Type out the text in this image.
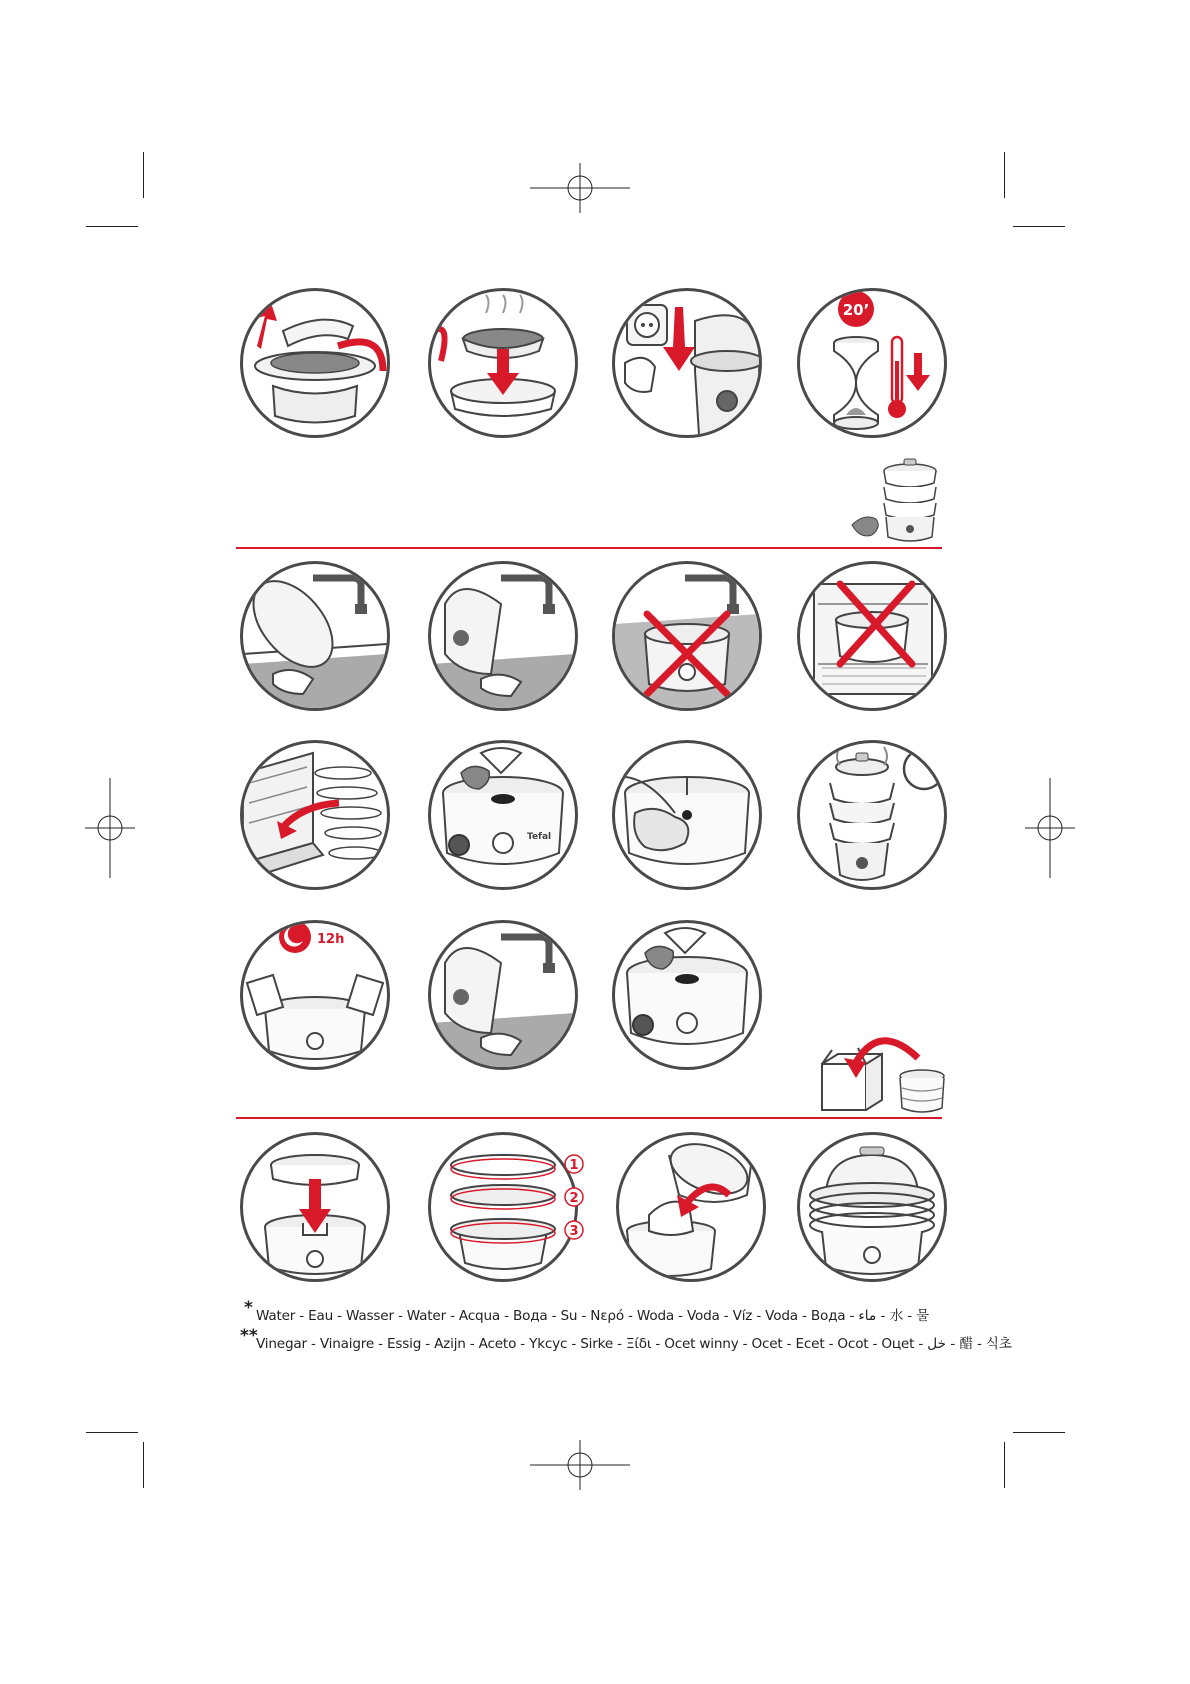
20’
Tefal
12h
1
2
3
* Water - Eau - Wasser - Water - Acqua - Вода - Su - Nερό - Woda - Voda - Víz - Voda - Вода - ماء - 水 - 물
**
Vinegar - Vinaigre - Essig - Azijn - Aceto - Ykcyc - Sirke - Ξίδι - Ocet winny - Ocet - Ecet - Ocot - Оцet - خل - 醋 - 식초
